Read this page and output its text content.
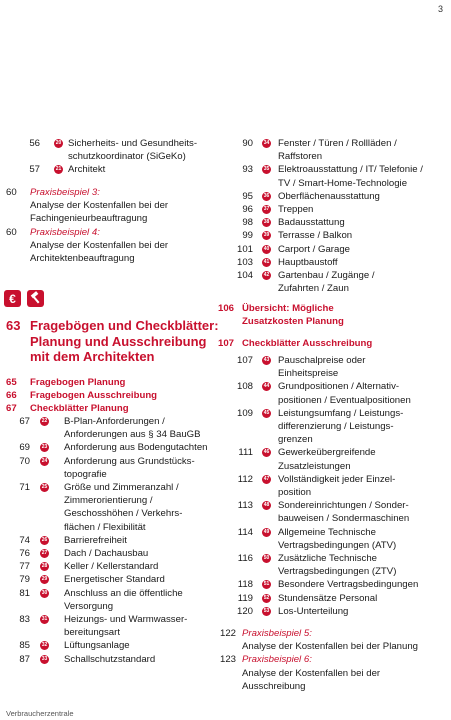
3
56	20 Sicherheits- und Gesundheits-
schutzkoordinator (SiGeKo)
57	21 Architekt
60 Praxisbeispiel 3:
Analyse der Kostenfallen bei der
Fachingenieurbeauftragung
60 Praxisbeispiel 4:
Analyse der Kostenfallen bei der
Architektenbeauftragung
€
63 Fragebögen und Checkblätter:
Planung und Ausschreibung
mit dem Architekten
65 Fragebogen Planung
66 Fragebogen Ausschreibung
67 Checkblätter Planung
67	22 B-Plan-Anforderungen /
Anforderungen aus § 34 BauGB
69	23 Anforderung aus Bodengutachten
70	24 Anforderung aus Grundstücks-
topografie
71	25 Größe und Zimmeranzahl /
Zimmerorientierung /
Geschosshöhen / Verkehrs-
flächen / Flexibilität
74	26 Barrierefreiheit
76	27 Dach / Dachausbau
77	28 Keller / Kellerstandard
79	29 Energetischer Standard
81	30 Anschluss an die öffentliche
Versorgung
83	31 Heizungs- und Warmwasser-
bereitungsart
85	32 Lüftungsanlage
87	33 Schallschutzstandard
90	34 Fenster / Türen / Rollläden /
Raffstoren
93	35 Elektroausstattung / IT/ Telefonie /
TV / Smart-Home-Technologie
95	36 Oberflächenausstattung
96	37 Treppen
98	38 Badausstattung
99	39 Terrasse / Balkon
101	40 Carport / Garage
103	41 Hauptbaustoff
104	42 Gartenbau / Zugänge /
Zufahrten / Zaun
106 Übersicht: Mögliche
Zusatzkosten Planung
107 Checkblätter Ausschreibung
107	43 Pauschalpreise oder
Einheitspreise
108	44 Grundpositionen / Alternativ-
positionen / Eventualpositionen
109	45 Leistungsumfang / Leistungs-
differenzierung / Leistungs-
grenzen
111	46 Gewerkeübergreifende
Zusatzleistungen
112	47 Vollständigkeit jeder Einzel-
position
113	48 Sondereinrichtungen / Sonder-
bauweisen / Sondermaschinen
114	49 Allgemeine Technische
Vertragsbedingungen (ATV)
116	50 Zusätzliche Technische
Vertragsbedingungen (ZTV)
118	51 Besondere Vertragsbedingungen
119	52 Stundensätze Personal
120	53 Los-Unterteilung
122 Praxisbeispiel 5:
Analyse der Kostenfallen bei der Planung
123 Praxisbeispiel 6:
Analyse der Kostenfallen bei der
Ausschreibung
Verbraucherzentrale
